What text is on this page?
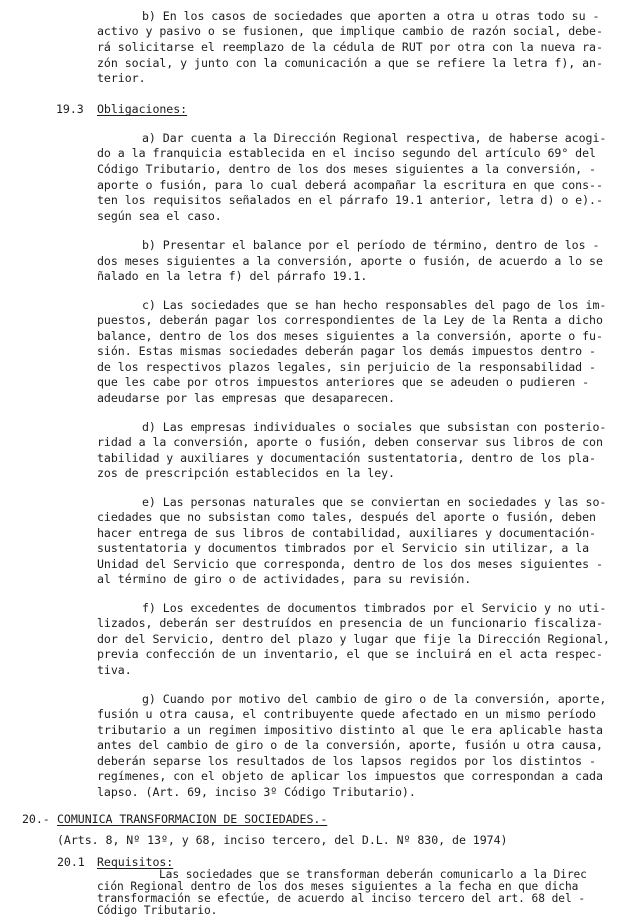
b) En los casos de sociedades que aporten a otra u otras todo su -
activo y pasivo o se fusionen, que implique cambio de razón social, debe-
rá solicitarse el reemplazo de la cédula de RUT por otra con la nueva ra-
zón social, y junto con la comunicación a que se refiere la letra f), an-
terior.
19.3 Obligaciones:
a) Dar cuenta a la Dirección Regional respectiva, de haberse acogi-
do a la franquicia establecida en el inciso segundo del artículo 69° del
Código Tributario, dentro de los dos meses siguientes a la conversión, -
aporte o fusión, para lo cual deberá acompañar la escritura en que cons--
ten los requisitos señalados en el párrafo 19.1 anterior, letra d) o e).-
según sea el caso.
b) Presentar el balance por el período de término, dentro de los -
dos meses siguientes a la conversión, aporte o fusión, de acuerdo a lo se
ñalado en la letra f) del párrafo 19.1.
c) Las sociedades que se han hecho responsables del pago de los im-
puestos, deberán pagar los correspondientes de la Ley de la Renta a dicho
balance, dentro de los dos meses siguientes a la conversión, aporte o fu-
sión. Estas mismas sociedades deberán pagar los demás impuestos dentro -
de los respectivos plazos legales, sin perjuicio de la responsabilidad -
que les cabe por otros impuestos anteriores que se adeuden o pudieren -
adeudarse por las empresas que desaparecen.
d) Las empresas individuales o sociales que subsistan con posterio-
ridad a la conversión, aporte o fusión, deben conservar sus libros de con
tabilidad y auxiliares y documentación sustentatoria, dentro de los pla-
zos de prescripción establecidos en la ley.
e) Las personas naturales que se conviertan en sociedades y las so-
ciedades que no subsistan como tales, después del aporte o fusión, deben
hacer entrega de sus libros de contabilidad, auxiliares y documentación-
sustentatoria y documentos timbrados por el Servicio sin utilizar, a la
Unidad del Servicio que corresponda, dentro de los dos meses siguientes -
al término de giro o de actividades, para su revisión.
f) Los excedentes de documentos timbrados por el Servicio y no uti-
lizados, deberán ser destruídos en presencia de un funcionario fiscaliza-
dor del Servicio, dentro del plazo y lugar que fije la Dirección Regional,
previa confección de un inventario, el que se incluirá en el acta respec-
tiva.
g) Cuando por motivo del cambio de giro o de la conversión, aporte,
fusión u otra causa, el contribuyente quede afectado en un mismo período
tributario a un regimen impositivo distinto al que le era aplicable hasta
antes del cambio de giro o de la conversión, aporte, fusión u otra causa,
deberán separse los resultados de los lapsos regidos por los distintos -
regímenes, con el objeto de aplicar los impuestos que correspondan a cada
lapso. (Art. 69, inciso 3º Código Tributario).
20.- COMUNICA TRANSFORMACION DE SOCIEDADES.-
(Arts. 8, Nº 13º, y 68, inciso tercero, del D.L. Nº 830, de 1974)
20.1 Requisitos:
Las sociedades que se transforman deberán comunicarlo a la Direc
ción Regional dentro de los dos meses siguientes a la fecha en que dicha
transformación se efectúe, de acuerdo al inciso tercero del art. 68 del -
Código Tributario.
